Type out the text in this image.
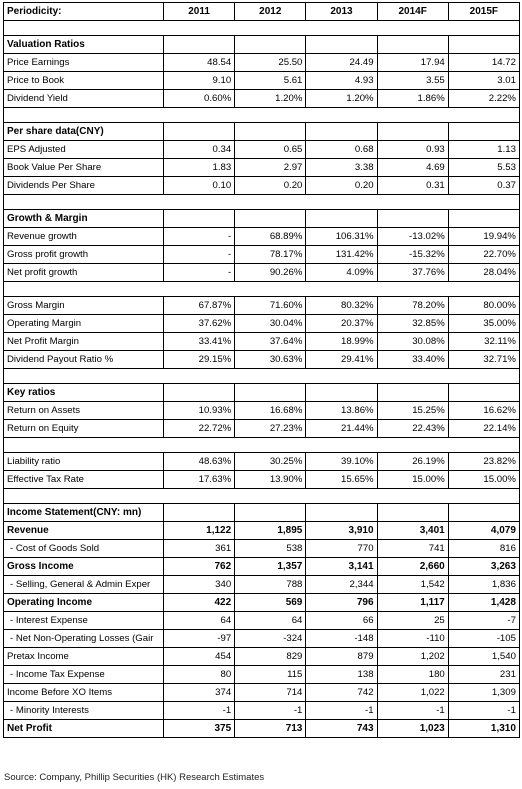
Periodicity:	2011	2012	2013	2014F	2015F

Valuation Ratios					
Price Earnings	48.54	25.50	24.49	17.94	14.72
Price to Book	9.10	5.61	4.93	3.55	3.01
Dividend Yield	0.60%	1.20%	1.20%	1.86%	2.22%

Per share data(CNY)					
EPS Adjusted	0.34	0.65	0.68	0.93	1.13
Book Value Per Share	1.83	2.97	3.38	4.69	5.53
Dividends Per Share	0.10	0.20	0.20	0.31	0.37

Growth & Margin					
Revenue growth	-	68.89%	106.31%	-13.02%	19.94%
Gross profit growth	-	78.17%	131.42%	-15.32%	22.70%
Net profit growth	-	90.26%	4.09%	37.76%	28.04%

Gross Margin	67.87%	71.60%	80.32%	78.20%	80.00%
Operating Margin	37.62%	30.04%	20.37%	32.85%	35.00%
Net Profit Margin	33.41%	37.64%	18.99%	30.08%	32.11%
Dividend Payout Ratio %	29.15%	30.63%	29.41%	33.40%	32.71%

Key ratios					
Return on Assets	10.93%	16.68%	13.86%	15.25%	16.62%
Return on Equity	22.72%	27.23%	21.44%	22.43%	22.14%

Liability ratio	48.63%	30.25%	39.10%	26.19%	23.82%
Effective Tax Rate	17.63%	13.90%	15.65%	15.00%	15.00%

Income Statement(CNY: mn)					
Revenue	1,122	1,895	3,910	3,401	4,079
- Cost of Goods Sold	361	538	770	741	816
Gross Income	762	1,357	3,141	2,660	3,263
- Selling, General & Admin Exper	340	788	2,344	1,542	1,836
Operating Income	422	569	796	1,117	1,428
- Interest Expense	64	64	66	25	-7
- Net Non-Operating Losses (Gair	-97	-324	-148	-110	-105
Pretax Income	454	829	879	1,202	1,540
- Income Tax Expense	80	115	138	180	231
Income Before XO Items	374	714	742	1,022	1,309
- Minority Interests	-1	-1	-1	-1	-1
Net Profit	375	713	743	1,023	1,310
Source: Company, Phillip Securities (HK) Research Estimates
